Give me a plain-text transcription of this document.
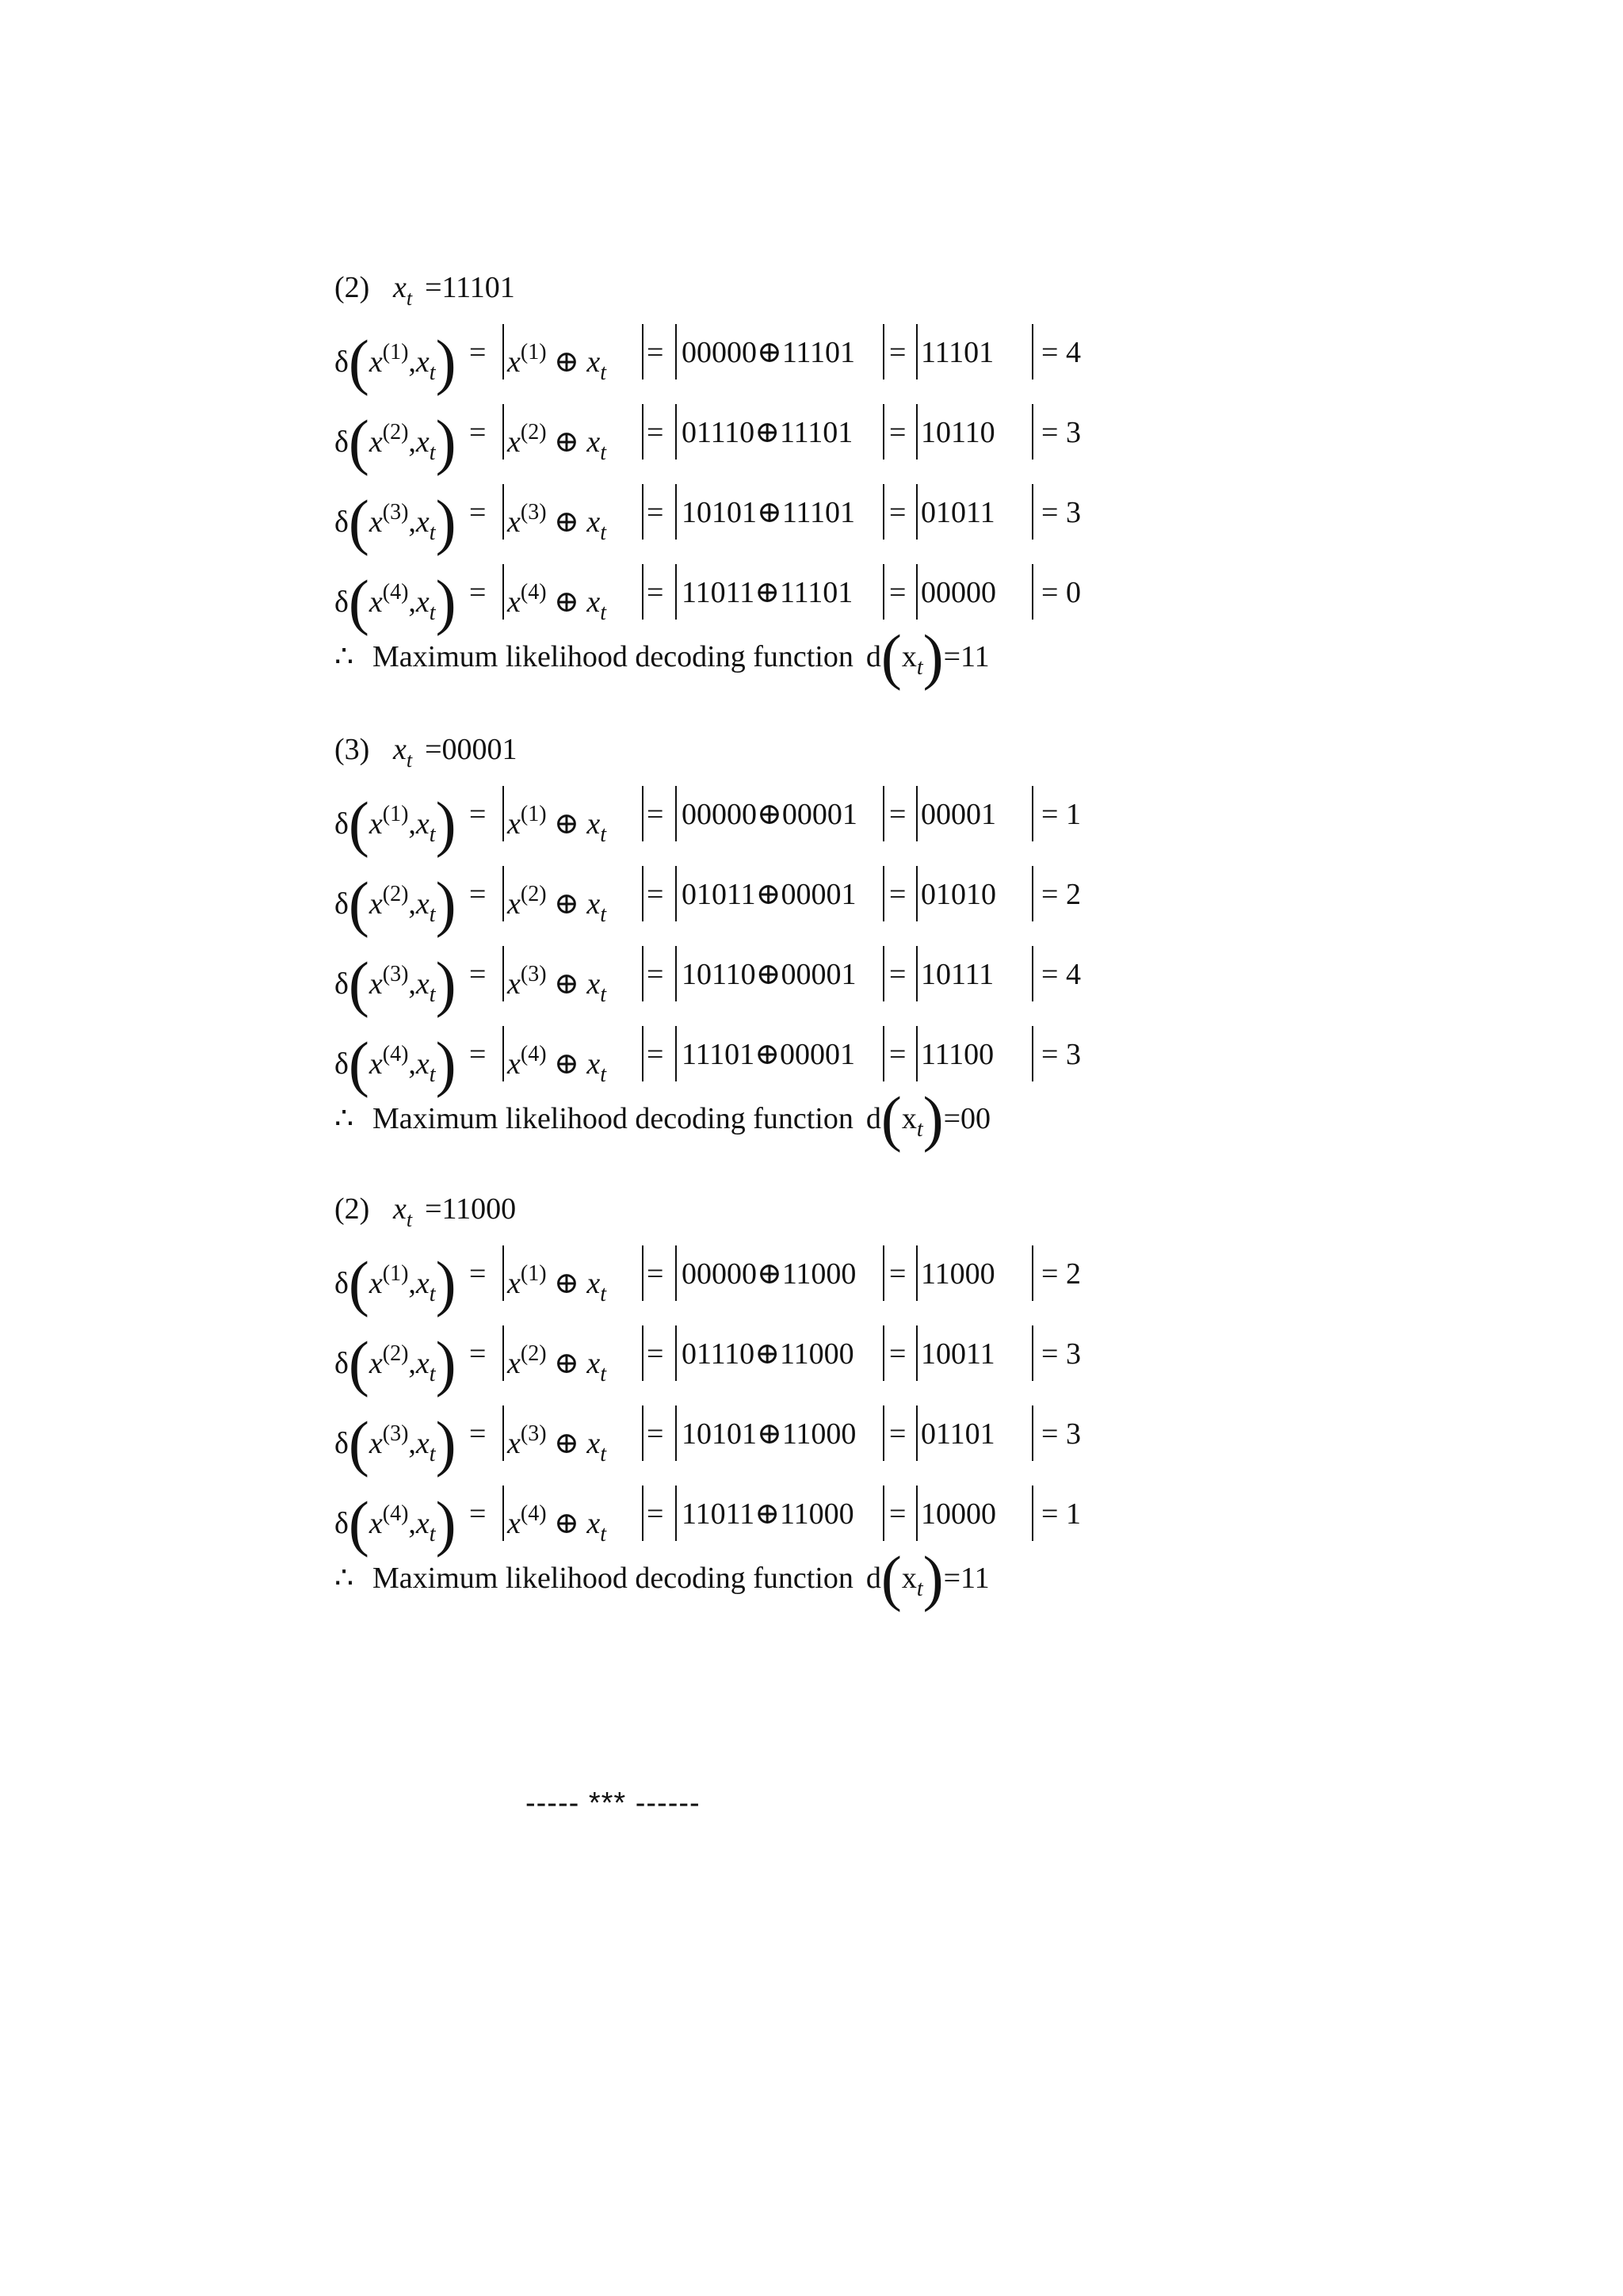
(2) $x_t =11101$
$\delta(x^{(1)},x_t) = x^{(1)}$ ⊕ $x_t$
= 00000⊕11101 = 11101 = 4
$\delta(x^{(2)},x_t) = x^{(2)}$ ⊕ $x_t$
= 01110⊕11101 = 10110 = 3
$\delta(x^{(3)},x_t) = x^{(3)}$ ⊕ $x_t$
= 10101⊕11101 = 01011 = 3
$\delta(x^{(4)},x_t) = x^{(4)}$ ⊕ $x_t$
= 11011⊕11101 = 00000 = 0
∴ Maximum likelihood decoding function $d(x_t)=11$
(3) $x_t =00001$
$\delta(x^{(1)},x_t) = x^{(1)}$ ⊕ $x_t$
= 00000⊕00001 = 00001 = 1
$\delta(x^{(2)},x_t) = x^{(2)}$ ⊕ $x_t$
= 01011⊕00001 = 01010 = 2
$\delta(x^{(3)},x_t) = x^{(3)}$ ⊕ $x_t$
= 10110⊕00001 = 10111 = 4
$\delta(x^{(4)},x_t) = x^{(4)}$ ⊕ $x_t$
= 11101⊕00001 = 11100 = 3
∴ Maximum likelihood decoding function $d(x_t)=00$
(2) $x_t =11000$
$\delta(x^{(1)},x_t) = x^{(1)}$ ⊕ $x_t$
= 00000⊕11000 = 11000 = 2
$\delta(x^{(2)},x_t) = x^{(2)}$ ⊕ $x_t$
= 01110⊕11000 = 10011 = 3
$\delta(x^{(3)},x_t) = x^{(3)}$ ⊕ $x_t$
= 10101⊕11000 = 01101 = 3
$\delta(x^{(4)},x_t) = x^{(4)}$ ⊕ $x_t$
= 11011⊕11000 = 10000 = 1
∴ Maximum likelihood decoding function $d(x_t)=11$
----- *** ------
